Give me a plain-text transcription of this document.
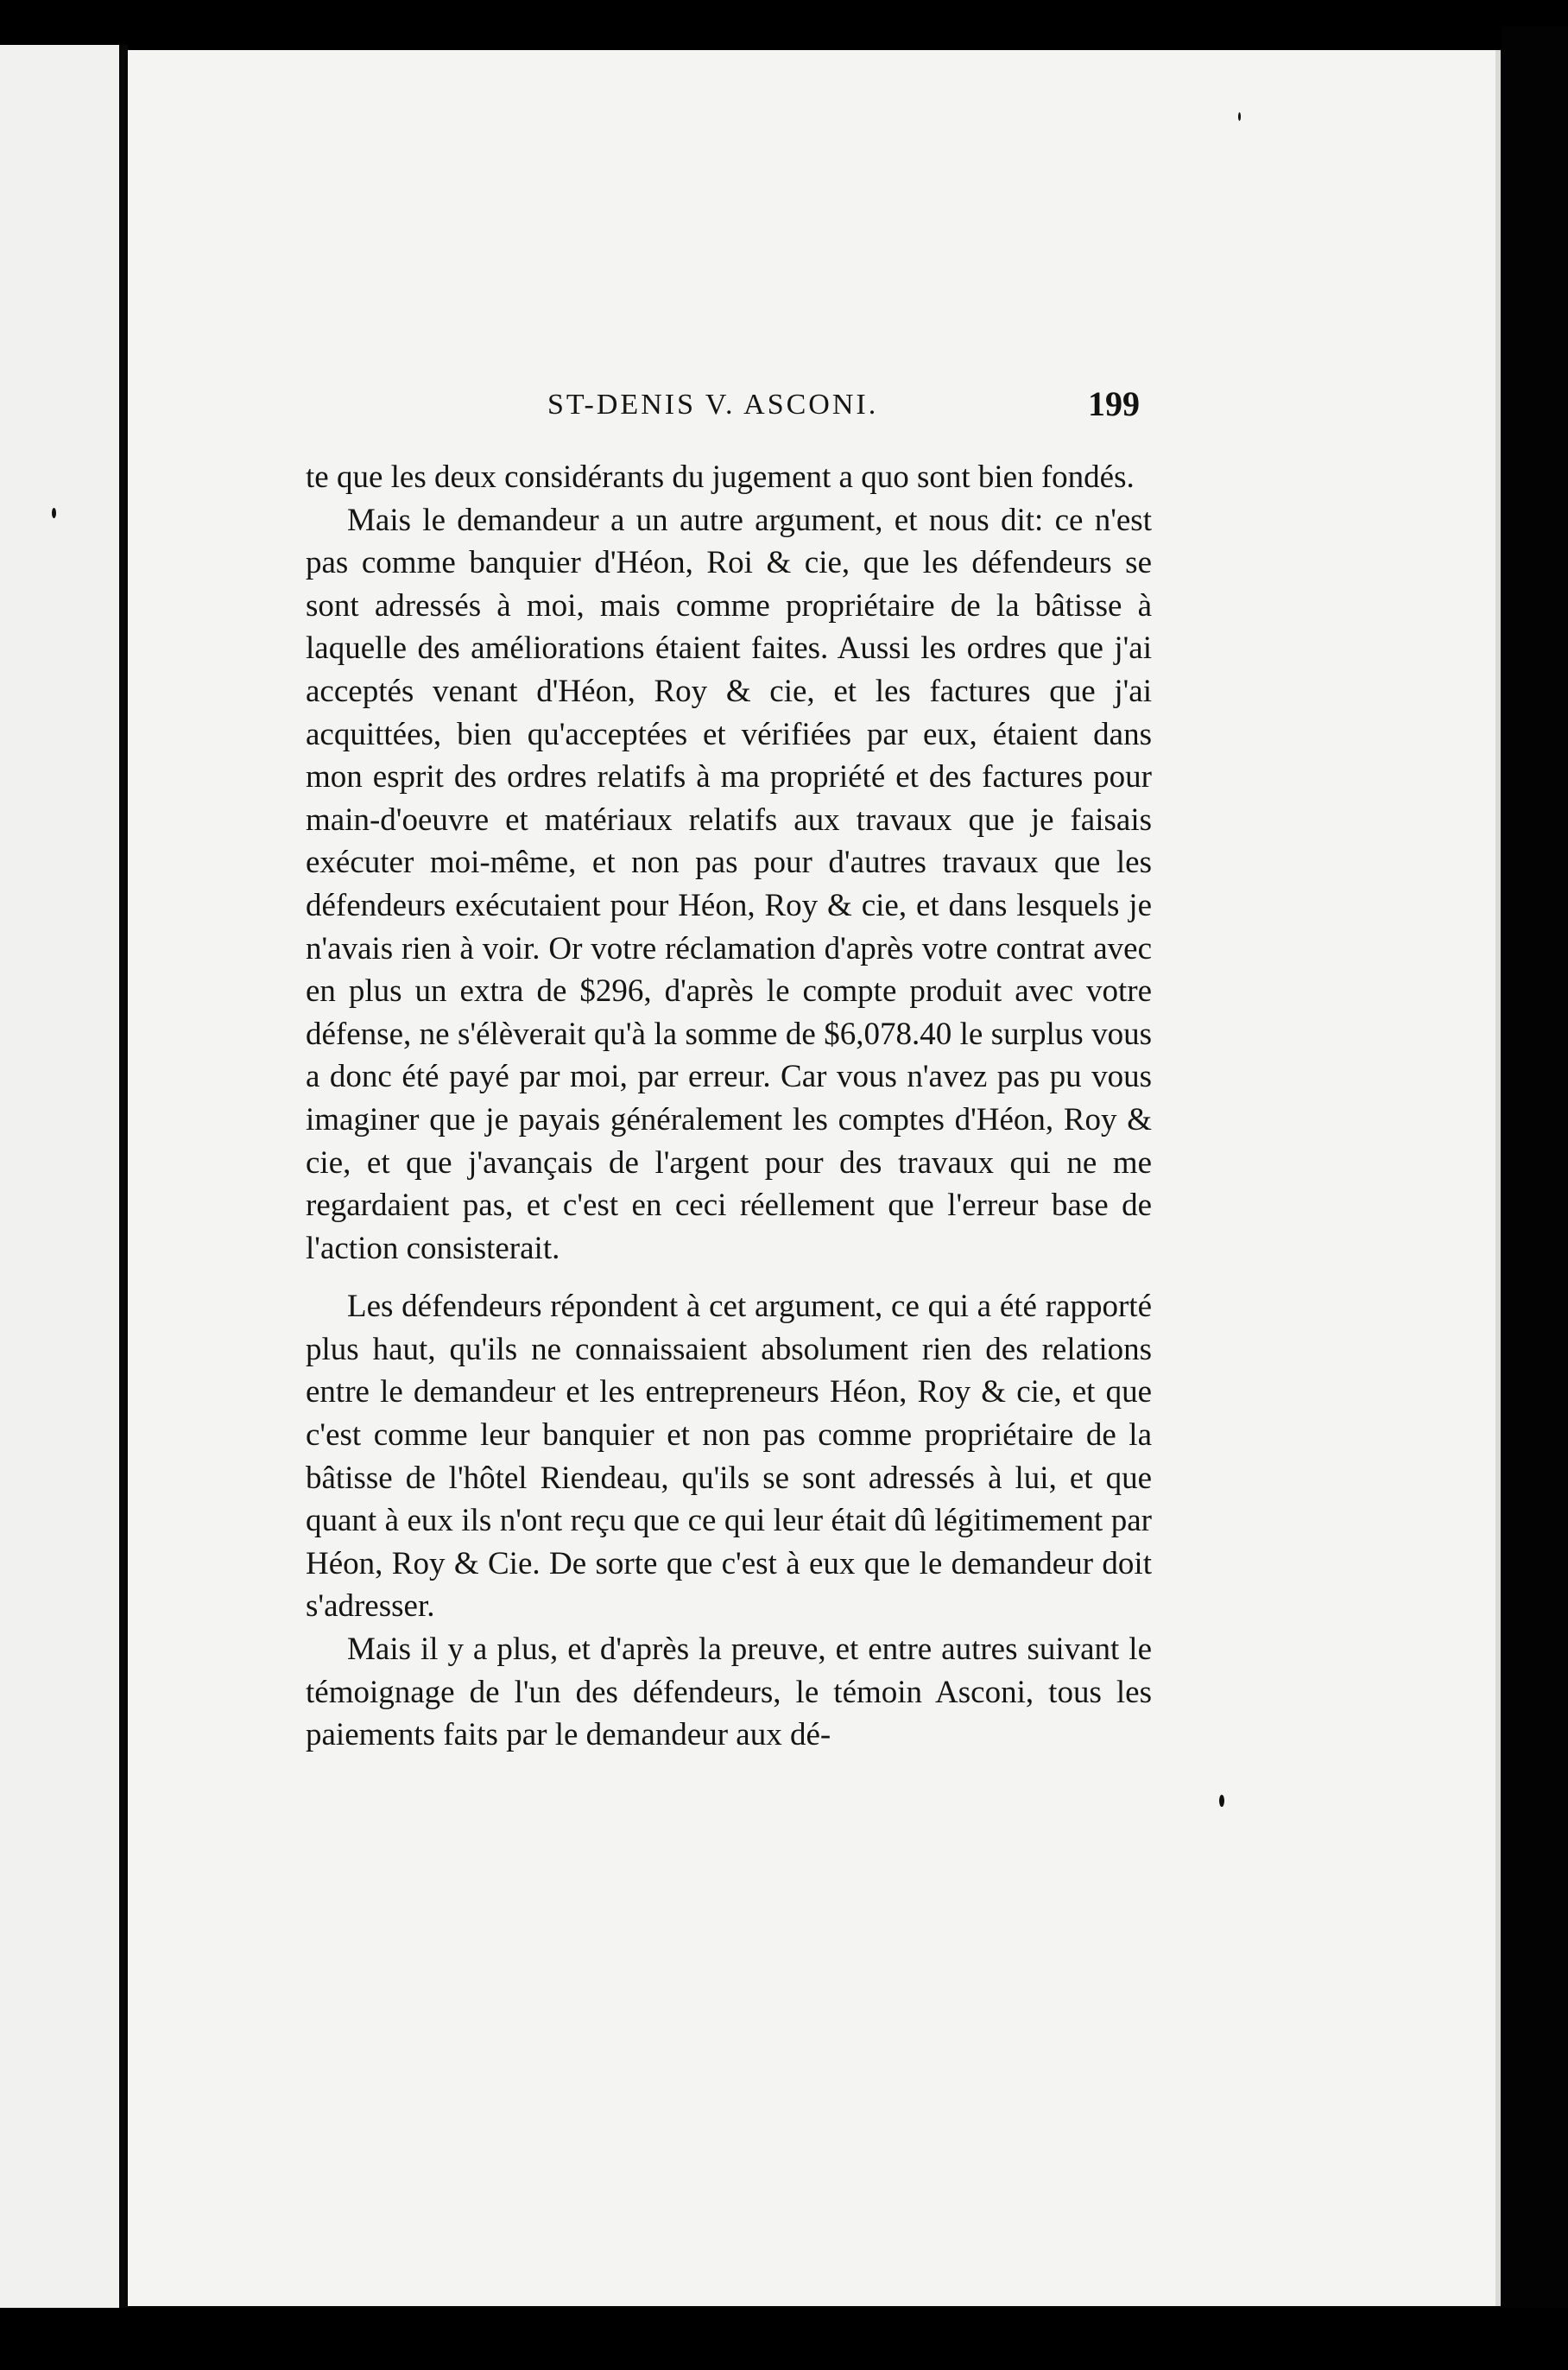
ST-DENIS V. ASCONI.	199

te que les deux considérants du jugement a quo sont bien fondés.

Mais le demandeur a un autre argument, et nous dit: ce n'est pas comme banquier d'Héon, Roi & cie, que les défendeurs se sont adressés à moi, mais comme propriétaire de la bâtisse à laquelle des améliorations étaient faites. Aussi les ordres que j'ai acceptés venant d'Héon, Roy & cie, et les factures que j'ai acquittées, bien qu'acceptées et vérifiées par eux, étaient dans mon esprit des ordres relatifs à ma propriété et des factures pour main-d'oeuvre et matériaux relatifs aux travaux que je faisais exécuter moi-même, et non pas pour d'autres travaux que les défendeurs exécutaient pour Héon, Roy & cie, et dans lesquels je n'avais rien à voir. Or votre réclamation d'après votre contrat avec en plus un extra de $296, d'après le compte produit avec votre défense, ne s'élèverait qu'à la somme de $6,078.40 le surplus vous a donc été payé par moi, par erreur. Car vous n'avez pas pu vous imaginer que je payais généralement les comptes d'Héon, Roy & cie, et que j'avançais de l'argent pour des travaux qui ne me regardaient pas, et c'est en ceci réellement que l'erreur base de l'action consisterait.

Les défendeurs répondent à cet argument, ce qui a été rapporté plus haut, qu'ils ne connaissaient absolument rien des relations entre le demandeur et les entrepreneurs Héon, Roy & cie, et que c'est comme leur banquier et non pas comme propriétaire de la bâtisse de l'hôtel Riendeau, qu'ils se sont adressés à lui, et que quant à eux ils n'ont reçu que ce qui leur était dû légitimement par Héon, Roy & Cie. De sorte que c'est à eux que le demandeur doit s'adresser.

Mais il y a plus, et d'après la preuve, et entre autres suivant le témoignage de l'un des défendeurs, le témoin Asconi, tous les paiements faits par le demandeur aux dé-
